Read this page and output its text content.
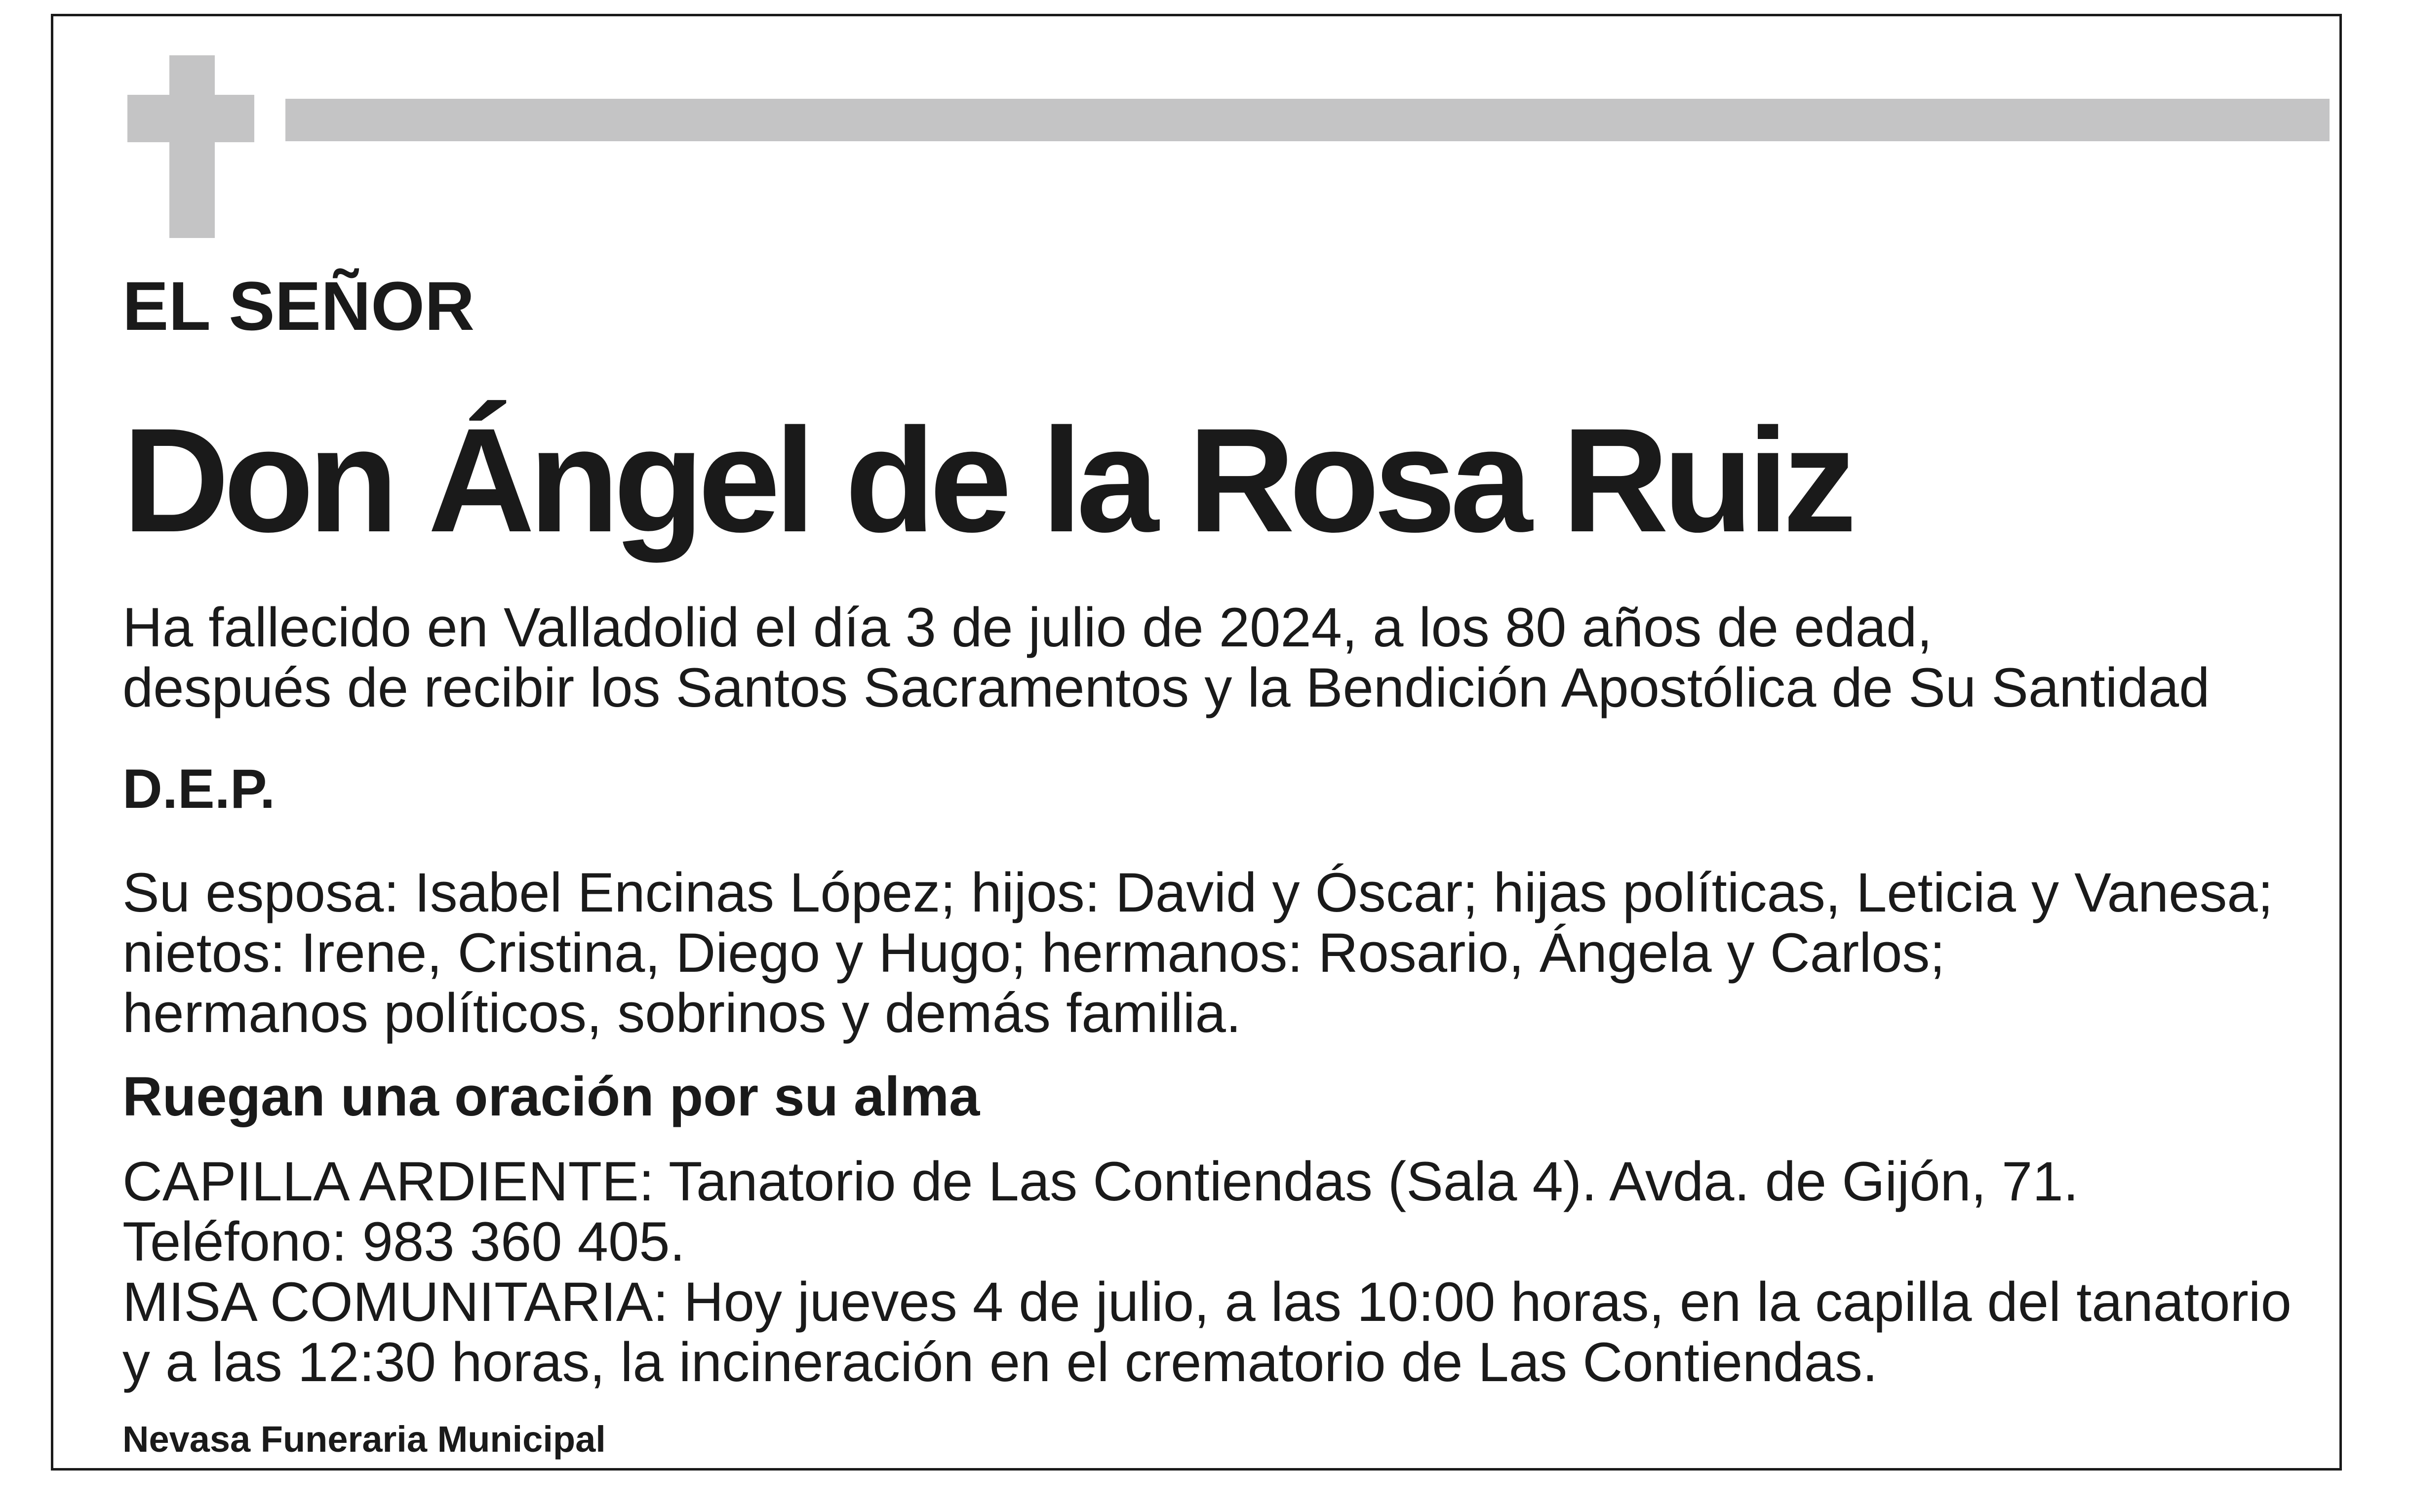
EL SEÑOR
Don Ángel de la Rosa Ruiz
Ha fallecido en Valladolid el día 3 de julio de 2024, a los 80 años de edad,
después de recibir los Santos Sacramentos y la Bendición Apostólica de Su Santidad
D.E.P.
Su esposa: Isabel Encinas López; hijos: David y Óscar; hijas políticas, Leticia y Vanesa;
nietos: Irene, Cristina, Diego y Hugo; hermanos: Rosario, Ángela y Carlos;
hermanos políticos, sobrinos y demás familia.
Ruegan una oración por su alma
CAPILLA ARDIENTE: Tanatorio de Las Contiendas (Sala 4). Avda. de Gijón, 71.
Teléfono: 983 360 405.
MISA COMUNITARIA: Hoy jueves 4 de julio, a las 10:00 horas, en la capilla del tanatorio
y a las 12:30 horas, la incineración en el crematorio de Las Contiendas.
Nevasa Funeraria Municipal
